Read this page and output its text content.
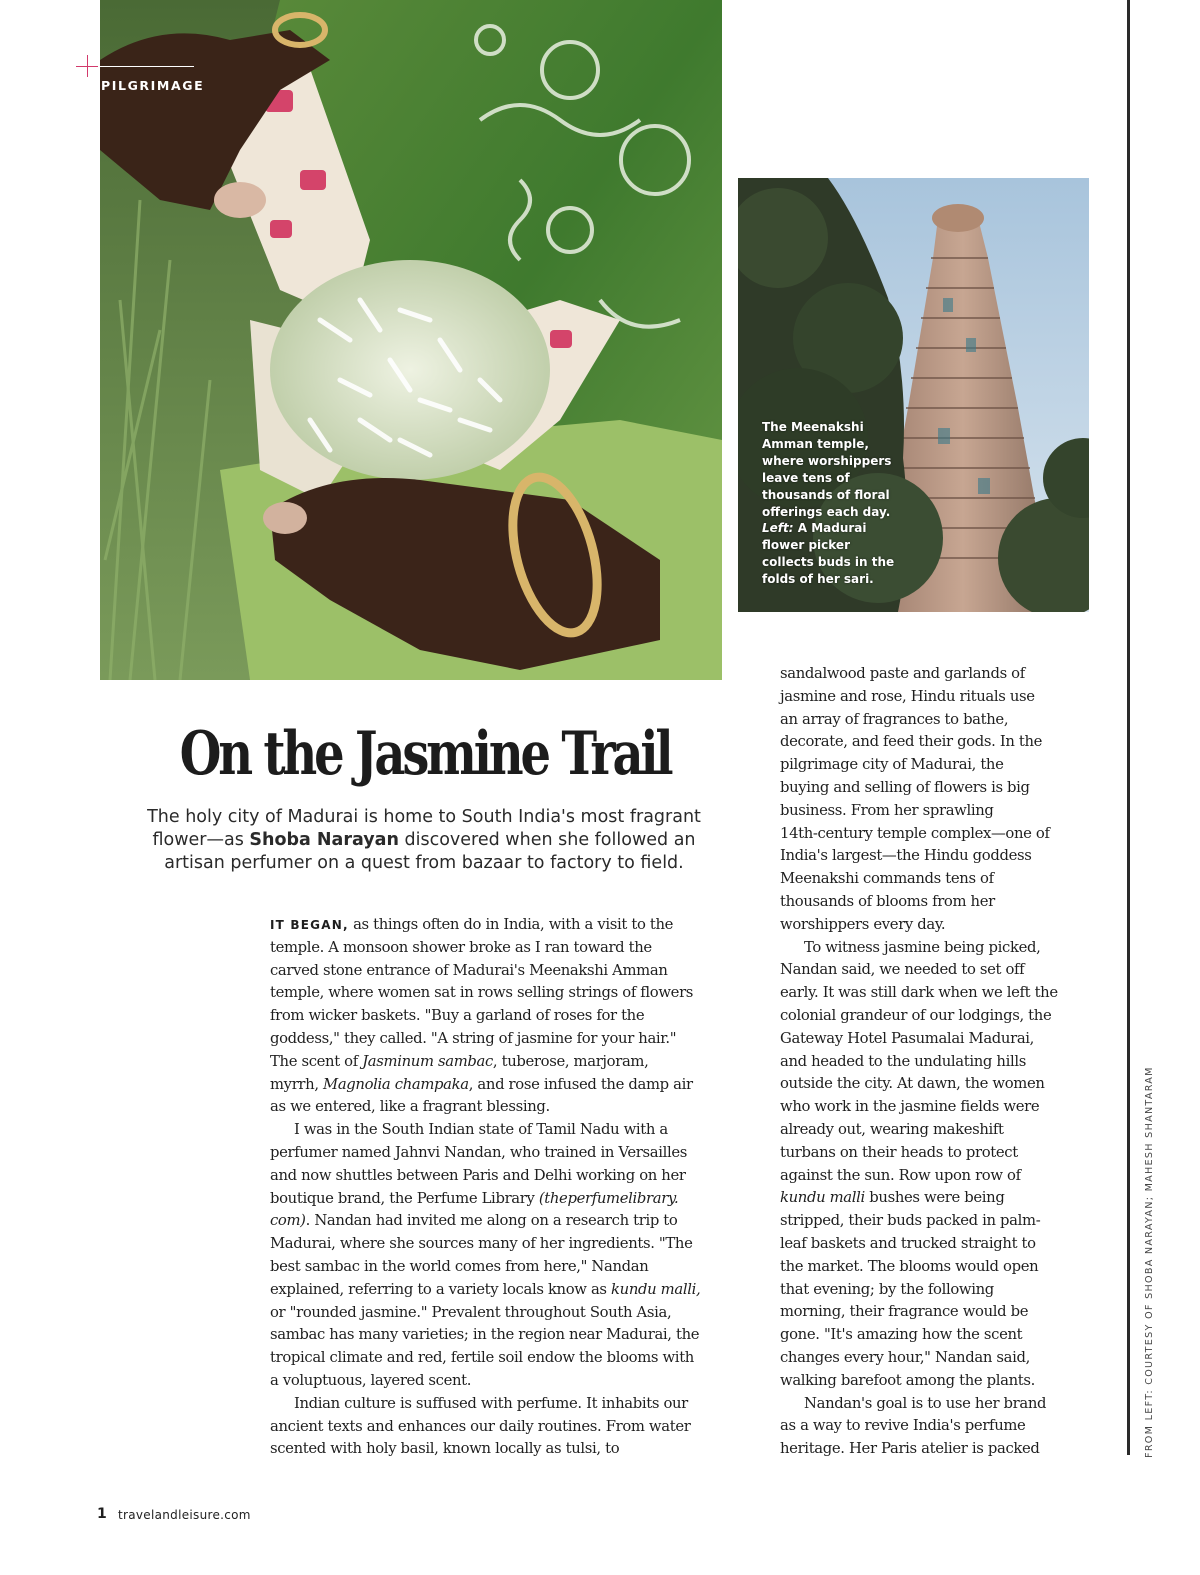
PILGRIMAGE
The Meenakshi
Amman temple,
where worshippers
leave tens of
thousands of floral
offerings each day.
Left: A Madurai
flower picker
collects buds in the
folds of her sari.
On the Jasmine Trail
The holy city of Madurai is home to South India's most fragrant
flower—as Shoba Narayan discovered when she followed an
artisan perfumer on a quest from bazaar to factory to field.

IT BEGAN, as things often do in India, with a visit to the

temple. A monsoon shower broke as I ran toward the

carved stone entrance of Madurai's Meenakshi Amman

temple, where women sat in rows selling strings of flowers

from wicker baskets. "Buy a garland of roses for the

goddess," they called. "A string of jasmine for your hair."

The scent of Jasminum sambac, tuberose, marjoram,

myrrh, Magnolia champaka, and rose infused the damp air

as we entered, like a fragrant blessing.

I was in the South Indian state of Tamil Nadu with a

perfumer named Jahnvi Nandan, who trained in Versailles

and now shuttles between Paris and Delhi working on her

boutique brand, the Perfume Library (theperfumelibrary.

com). Nandan had invited me along on a research trip to

Madurai, where she sources many of her ingredients. "The

best sambac in the world comes from here," Nandan

explained, referring to a variety locals know as kundu malli,

or "rounded jasmine." Prevalent throughout South Asia,

sambac has many varieties; in the region near Madurai, the

tropical climate and red, fertile soil endow the blooms with

a voluptuous, layered scent.

Indian culture is suffused with perfume. It inhabits our

ancient texts and enhances our daily routines. From water

scented with holy basil, known locally as tulsi, to

sandalwood paste and garlands of

jasmine and rose, Hindu rituals use

an array of fragrances to bathe,

decorate, and feed their gods. In the

pilgrimage city of Madurai, the

buying and selling of flowers is big

business. From her sprawling

14th-century temple complex—one of

India's largest—the Hindu goddess

Meenakshi commands tens of

thousands of blooms from her

worshippers every day.

To witness jasmine being picked,

Nandan said, we needed to set off

early. It was still dark when we left the

colonial grandeur of our lodgings, the

Gateway Hotel Pasumalai Madurai,

and headed to the undulating hills

outside the city. At dawn, the women

who work in the jasmine fields were

already out, wearing makeshift

turbans on their heads to protect

against the sun. Row upon row of

kundu malli bushes were being

stripped, their buds packed in palm-

leaf baskets and trucked straight to

the market. The blooms would open

that evening; by the following

morning, their fragrance would be

gone. "It's amazing how the scent

changes every hour," Nandan said,

walking barefoot among the plants.

Nandan's goal is to use her brand

as a way to revive India's perfume

heritage. Her Paris atelier is packed	FROM LEFT: COURTESY OF SHOBA NARAYAN; MAHESH SHANTARAM
1 travelandleisure.com
